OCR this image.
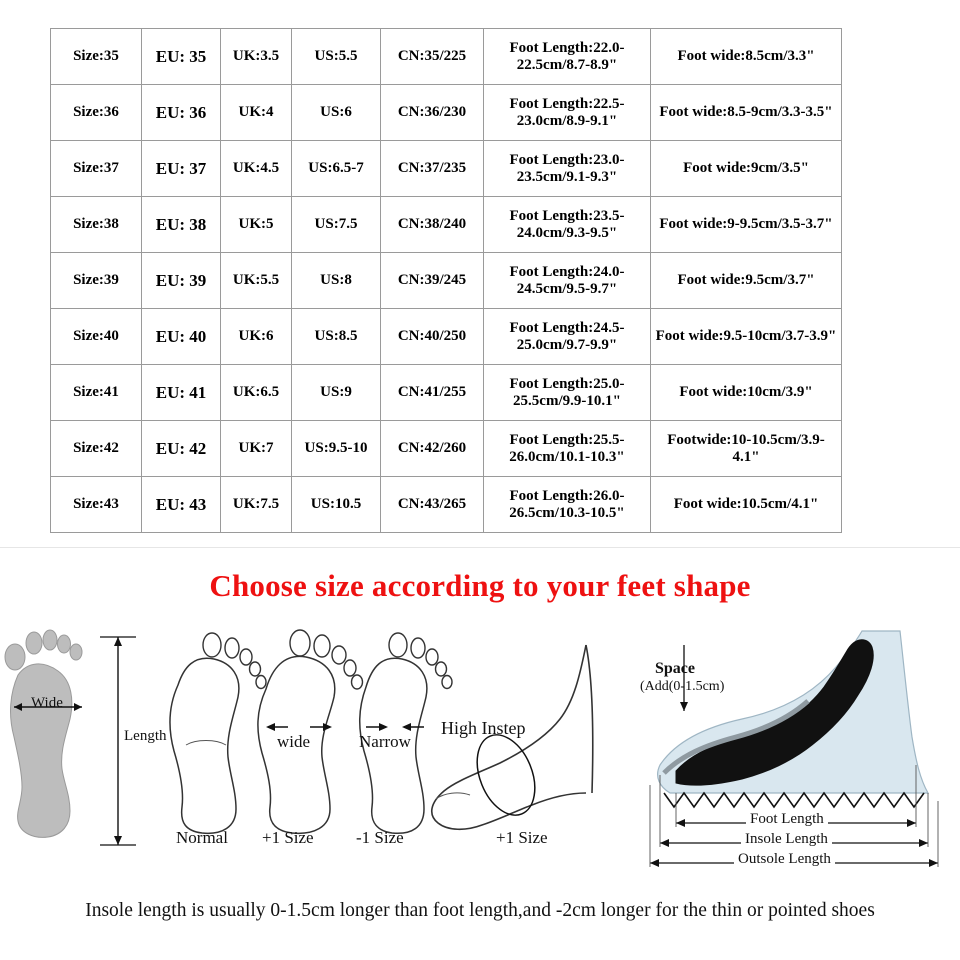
Size:35	EU: 35	UK:3.5	US:5.5	CN:35/225	Foot Length:22.0-22.5cm/8.7-8.9"	Foot wide:8.5cm/3.3"
Size:36	EU: 36	UK:4	US:6	CN:36/230	Foot Length:22.5-23.0cm/8.9-9.1"	Foot wide:8.5-9cm/3.3-3.5"
Size:37	EU: 37	UK:4.5	US:6.5-7	CN:37/235	Foot Length:23.0-23.5cm/9.1-9.3"	Foot wide:9cm/3.5"
Size:38	EU: 38	UK:5	US:7.5	CN:38/240	Foot Length:23.5-24.0cm/9.3-9.5"	Foot wide:9-9.5cm/3.5-3.7"
Size:39	EU: 39	UK:5.5	US:8	CN:39/245	Foot Length:24.0-24.5cm/9.5-9.7"	Foot wide:9.5cm/3.7"
Size:40	EU: 40	UK:6	US:8.5	CN:40/250	Foot Length:24.5-25.0cm/9.7-9.9"	Foot wide:9.5-10cm/3.7-3.9"
Size:41	EU: 41	UK:6.5	US:9	CN:41/255	Foot Length:25.0-25.5cm/9.9-10.1"	Foot wide:10cm/3.9"
Size:42	EU: 42	UK:7	US:9.5-10	CN:42/260	Foot Length:25.5-26.0cm/10.1-10.3"	Footwide:10-10.5cm/3.9-4.1"
Size:43	EU: 43	UK:7.5	US:10.5	CN:43/265	Foot Length:26.0-26.5cm/10.3-10.5"	Foot wide:10.5cm/4.1"
Choose size according to your feet shape
Wide
Length
Normal
wide
+1 Size
Narrow
-1 Size
High Instep
+1 Size
Space
(Add(0-1.5cm)
Foot Length
Insole Length
Outsole Length
Insole length is usually 0-1.5cm longer than foot length,and -2cm longer for the thin or pointed shoes
